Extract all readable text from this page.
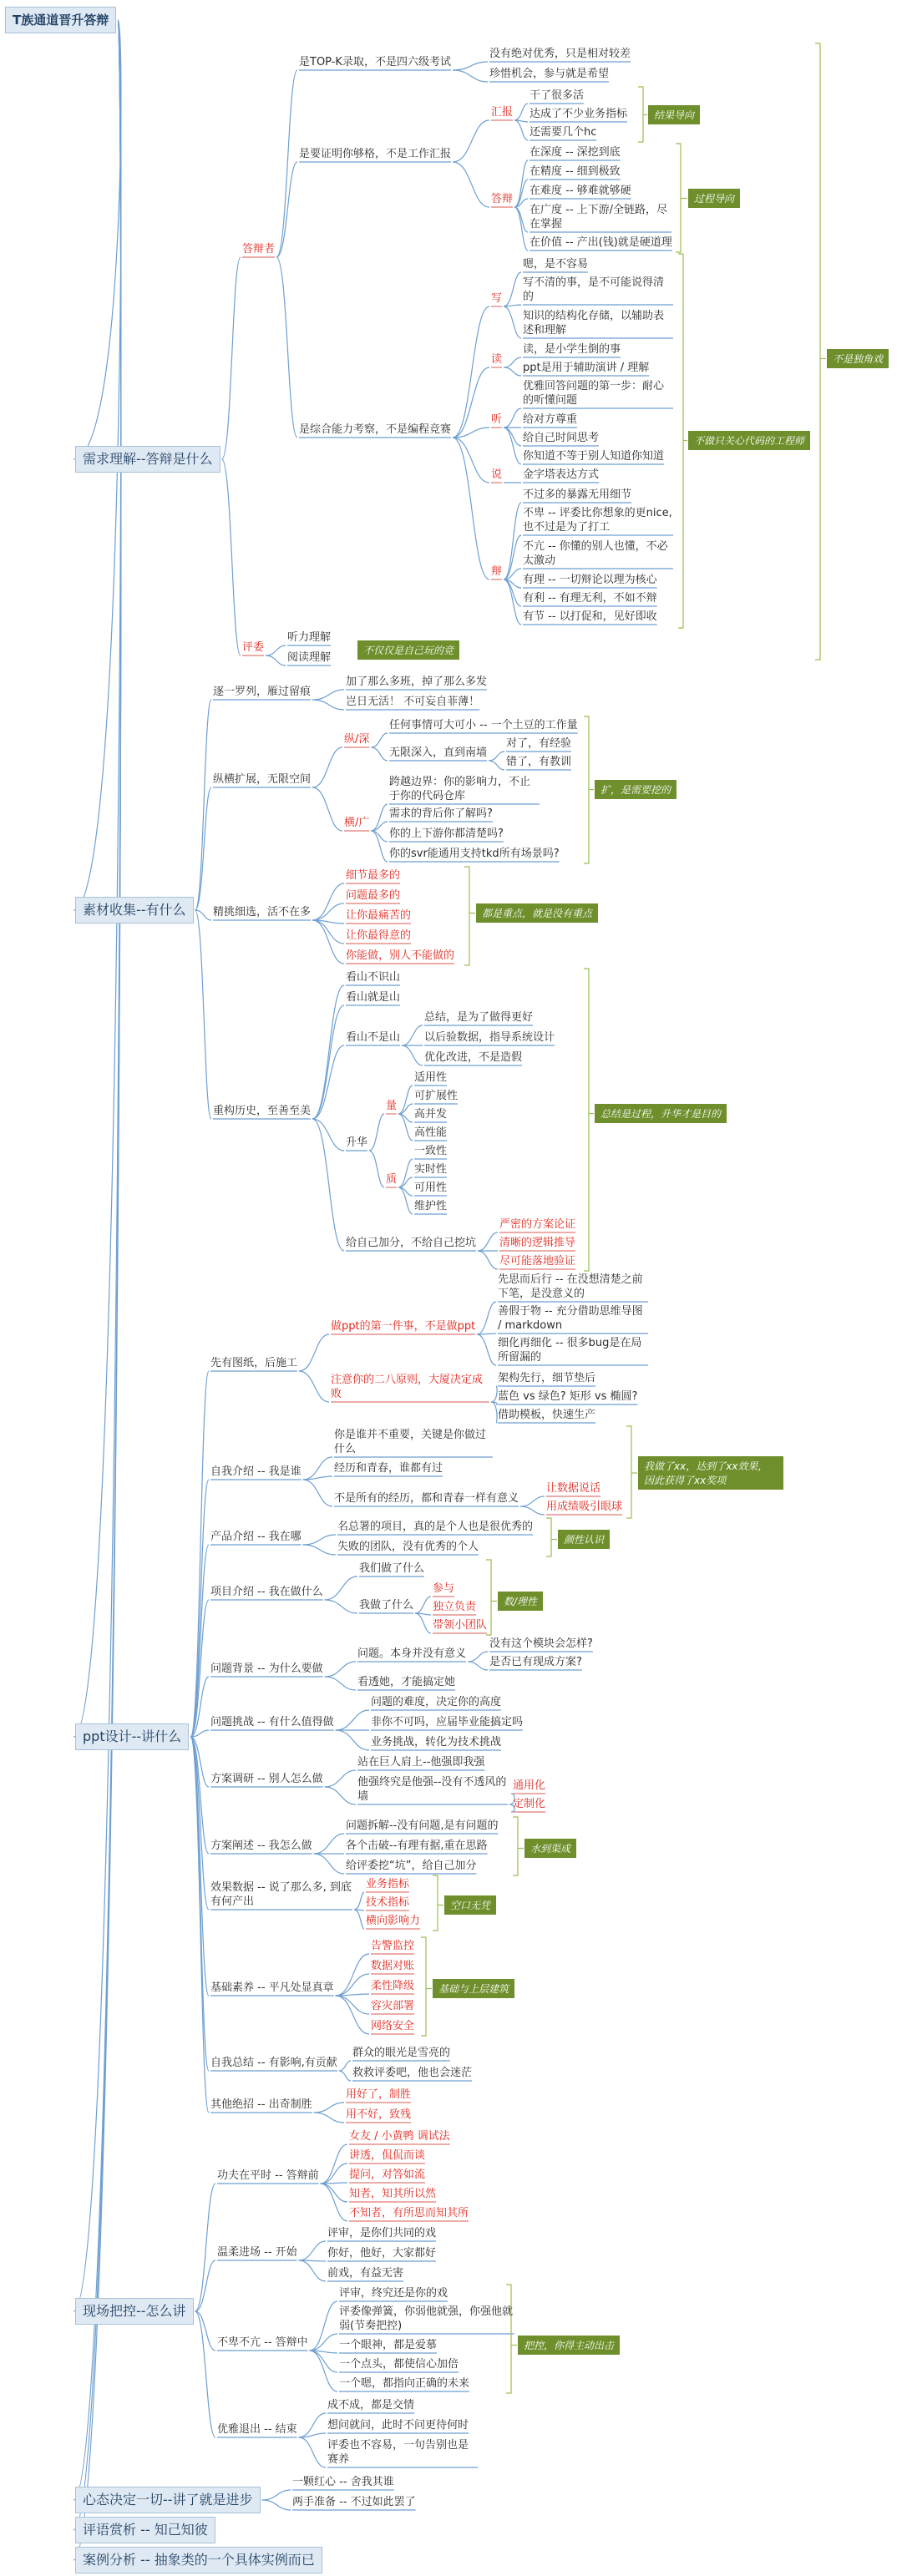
T族通道晋升答辩
需求理解--答辩是什么
素材收集--有什么
ppt设计--讲什么
现场把控--怎么讲
心态决定一切--讲了就是进步
评语赏析 -- 知己知彼
案例分析 -- 抽象类的一个具体实例而已
答辩者
是TOP-K录取，不是四六级考试
没有绝对优秀，只是相对较差
珍惜机会，参与就是希望
是要证明你够格，不是工作汇报
汇报
干了很多活
达成了不少业务指标
还需要几个hc
答辩
在深度 -- 深挖到底
在精度 -- 细到极致
在难度 -- 够难就够硬
在广度 -- 上下游/全链路，尽在掌握
在价值 -- 产出(钱)就是硬道理
是综合能力考察，不是编程竞赛
写
嗯，是不容易
写不清的事，是不可能说得清的
知识的结构化存储，以辅助表述和理解
读
读，是小学生倒的事
ppt是用于辅助演讲 / 理解
听
优雅回答问题的第一步：耐心的听懂问题
给对方尊重
给自己时间思考
你知道不等于别人知道你知道
说 金字塔表达方式
辩
不过多的暴露无用细节
不卑 -- 评委比你想象的更nice, 也不过是为了打工
不亢 -- 你懂的别人也懂，不必太激动
有理 -- 一切辩论以理为核心
有利 -- 有理无利，不如不辩
有节 -- 以打促和，见好即收
评委
听力理解
阅读理解
逐一罗列，雁过留痕
加了那么多班，掉了那么多发
岂日无活！ 不可妄自菲薄！
纵横扩展，无限空间
纵/深
任何事情可大可小 -- 一个土豆的工作量
无限深入，直到南墙
对了，有经验
错了，有教训
横/广
跨越边界：你的影响力，不止于你的代码仓库
需求的背后你了解吗?
你的上下游你都清楚吗?
你的svr能通用支持tkd所有场景吗?
精挑细选，活不在多
细节最多的
问题最多的
让你最痛苦的
让你最得意的
你能做，别人不能做的
重构历史，至善至美
看山不识山
看山就是山
看山不是山
总结，是为了做得更好
以后验数据，指导系统设计
优化改进，不是造假
升华
量
适用性
可扩展性
高并发
高性能
质
一致性
实时性
可用性
维护性
给自己加分，不给自己挖坑
严密的方案论证
清晰的逻辑推导
尽可能落地验证
先有图纸，后施工
做ppt的第一件事，不是做ppt
先思而后行 -- 在没想清楚之前下笔，是没意义的
善假于物 -- 充分借助思维导图 / markdown
细化再细化 -- 很多bug是在局所留漏的
注意你的二八原则，大厦决定成败
架构先行，细节垫后
蓝色 vs 绿色? 矩形 vs 椭圆?
借助模板，快速生产
自我介绍 -- 我是谁
你是谁并不重要，关键是你做过什么
经历和青春，谁都有过
不是所有的经历，都和青春一样有意义
让数据说话
用成绩吸引眼球
产品介绍 -- 我在哪
名总署的项目，真的是个人也是很优秀的
失败的团队，没有优秀的个人
项目介绍 -- 我在做什么
我们做了什么
我做了什么
参与
独立负责
带领小团队
问题背景 -- 为什么要做
问题。本身并没有意义
没有这个模块会怎样?
是否已有现成方案?
看透她，才能搞定她
问题挑战 -- 有什么值得做
问题的难度，决定你的高度
非你不可吗，应届毕业能搞定吗
业务挑战，转化为技术挑战
方案调研 -- 别人怎么做
站在巨人肩上--他强即我强
他强终究是他强--没有不透风的墙
通用化
定制化
方案阐述 -- 我怎么做
问题拆解--没有问题,是有问题的
各个击破--有理有据,重在思路
给评委挖“坑”，给自己加分
效果数据 -- 说了那么多, 到底有何产出
业务指标
技术指标
横向影响力
基础素养 -- 平凡处显真章
告警监控
数据对账
柔性降级
容灾部署
网络安全
自我总结 -- 有影响,有贡献
群众的眼光是雪亮的
救救评委吧，他也会迷茫
其他绝招 -- 出奇制胜
用好了，制胜
用不好，致残
功夫在平时 -- 答辩前
女友 / 小黄鸭 调试法
讲透，侃侃而谈
提问，对答如流
知者，知其所以然
不知者，有所思而知其所
温柔进场 -- 开始
评审，是你们共同的戏
你好，他好，大家都好
前戏，有益无害
不卑不亢 -- 答辩中
评审，终究还是你的戏
评委像弹簧，你弱他就强，你强他就弱(节奏把控)
一个眼神，都是爱慕
一个点头，都使信心加倍
一个嗯，都指向正确的未来
优雅退出 -- 结束
成不成，都是交情
想问就问，此时不问更待何时
评委也不容易，一句告别也是赛养
一颗红心 -- 舍我其谁
两手准备 -- 不过如此罢了
结果导向
过程导向
不仅仅是自己玩的竞
不做只关心代码的工程师
不是独角戏
扩，是需要挖的
都是重点，就是没有重点
总结是过程，升华才是目的
我做了xx，达到了xx效果，因此获得了xx奖项
颜性认识
数/理性
水到渠成
空口无凭
基础与上层建筑
把控，你得主动出击
